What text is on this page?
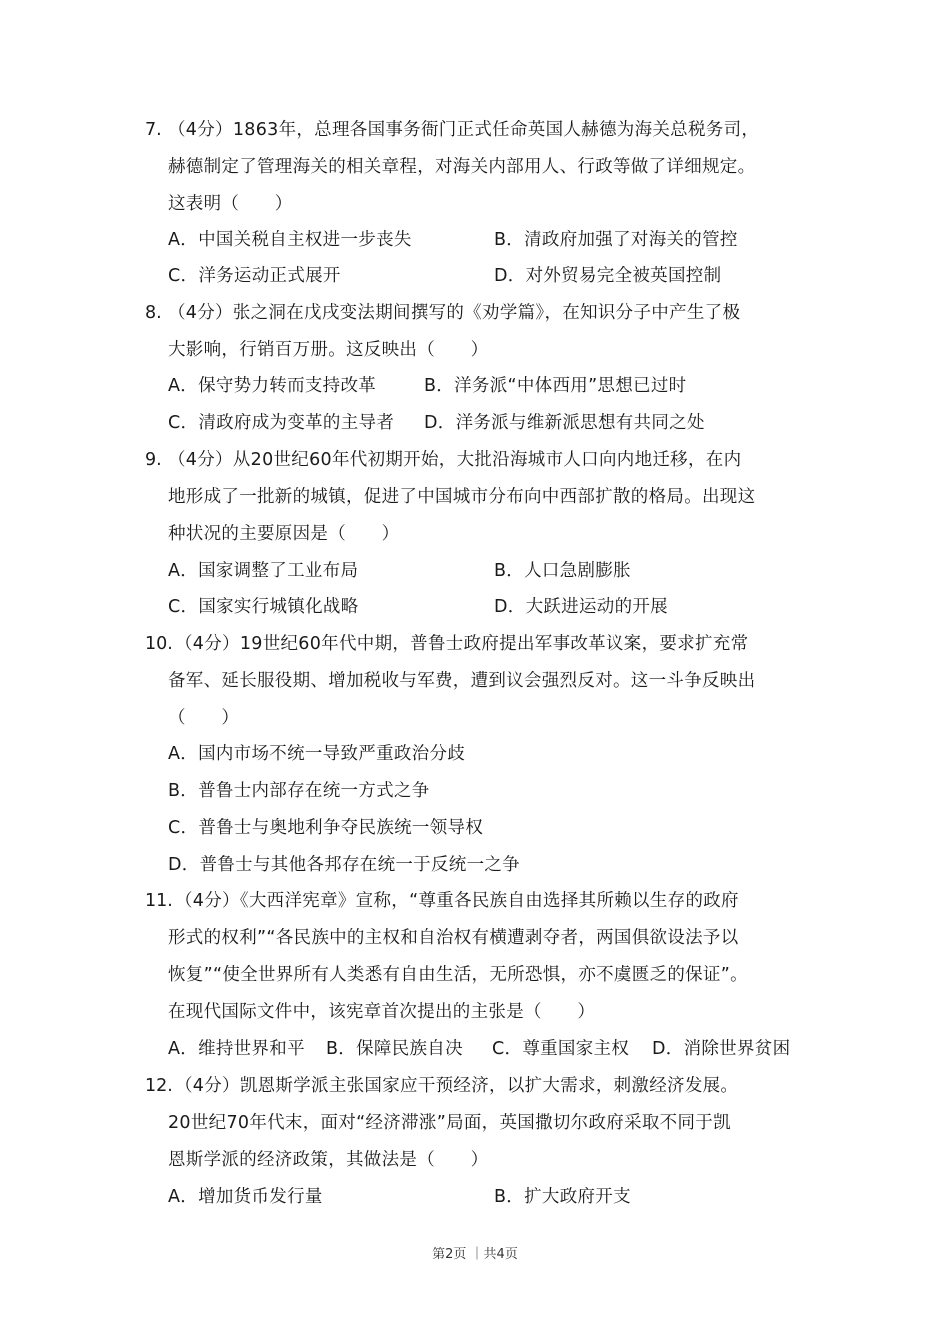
7. （4分）1863年，总理各国事务衙门正式任命英国人赫德为海关总税务司，
赫德制定了管理海关的相关章程，对海关内部用人、行政等做了详细规定。
这表明（　　）
A．中国关税自主权进一步丧失	B．清政府加强了对海关的管控
C．洋务运动正式展开	D．对外贸易完全被英国控制
8. （4分）张之洞在戊戌变法期间撰写的《劝学篇》，在知识分子中产生了极
大影响，行销百万册。这反映出（　　）
A．保守势力转而支持改革	B．洋务派“中体西用”思想已过时
C．清政府成为变革的主导者 D．洋务派与维新派思想有共同之处
9. （4分）从20世纪60年代初期开始，大批沿海城市人口向内地迁移，在内
地形成了一批新的城镇，促进了中国城市分布向中西部扩散的格局。出现这
种状况的主要原因是（　　）
A．国家调整了工业布局	B．人口急剧膨胀
C．国家实行城镇化战略	D．大跃进运动的开展
10. （4分）19世纪60年代中期，普鲁士政府提出军事改革议案，要求扩充常
备军、延长服役期、增加税收与军费，遭到议会强烈反对。这一斗争反映出
（　　）
A．国内市场不统一导致严重政治分歧
B．普鲁士内部存在统一方式之争
C．普鲁士与奥地利争夺民族统一领导权
D．普鲁士与其他各邦存在统一于反统一之争
11. （4分）《大西洋宪章》宣称，“尊重各民族自由选择其所赖以生存的政府
形式的权利”“各民族中的主权和自治权有横遭剥夺者，两国俱欲设法予以
恢复”“使全世界所有人类悉有自由生活，无所恐惧，亦不虞匮乏的保证”。
在现代国际文件中，该宪章首次提出的主张是（　　）
A．维持世界和平 B．保障民族自决 C．尊重国家主权 D．消除世界贫困
12. （4分）凯恩斯学派主张国家应干预经济，以扩大需求，刺激经济发展。
20世纪70年代末，面对“经济滞涨”局面，英国撒切尔政府采取不同于凯
恩斯学派的经济政策，其做法是（　　）
A．增加货币发行量	B．扩大政府开支
第2页 ｜共4页
